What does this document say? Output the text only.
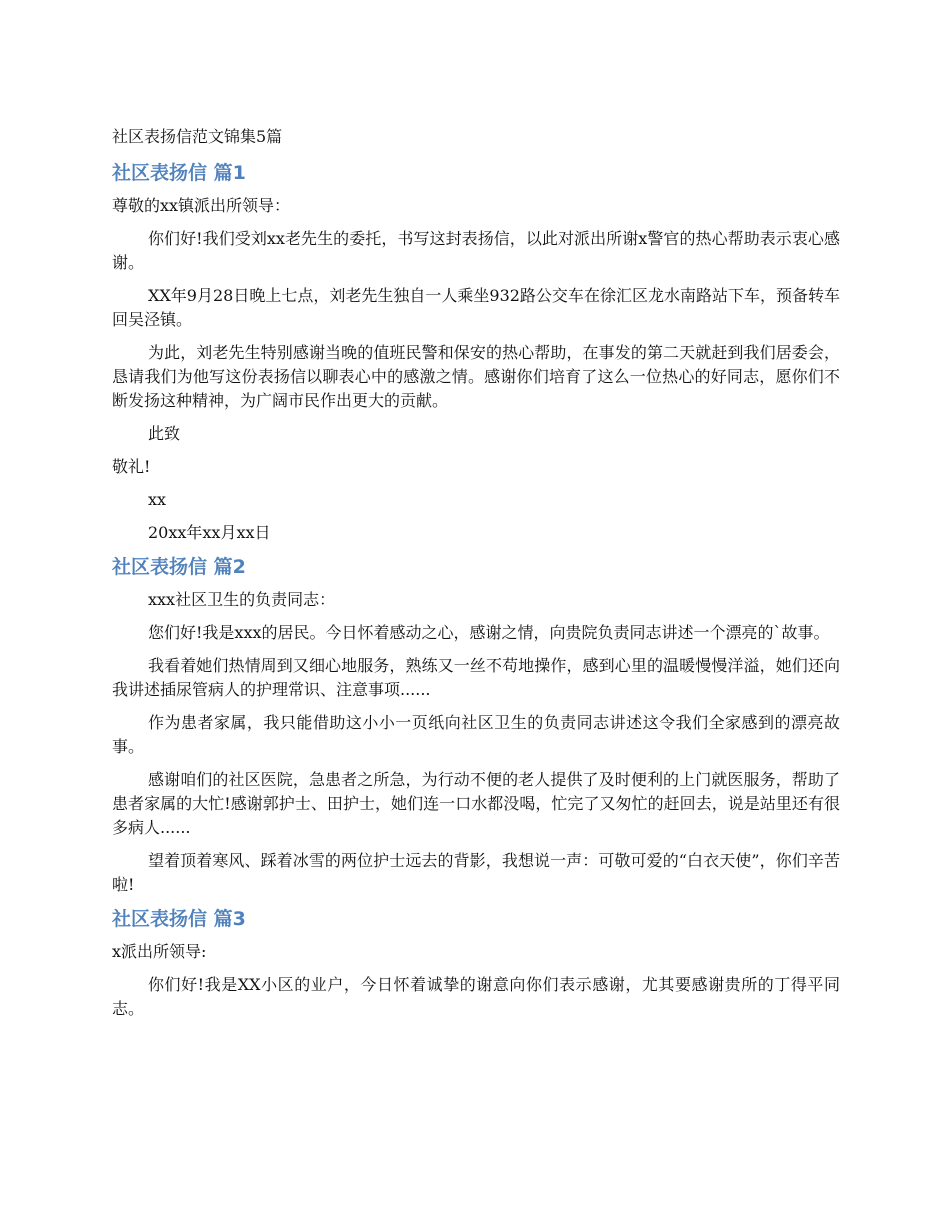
社区表扬信范文锦集5篇
社区表扬信 篇1
尊敬的xx镇派出所领导：
你们好!我们受刘xx老先生的委托，书写这封表扬信，以此对派出所谢x警官的热心帮助表示衷心感谢。
XX年9月28日晚上七点，刘老先生独自一人乘坐932路公交车在徐汇区龙水南路站下车，预备转车回吴泾镇。
为此，刘老先生特别感谢当晚的值班民警和保安的热心帮助，在事发的第二天就赶到我们居委会，恳请我们为他写这份表扬信以聊表心中的感激之情。感谢你们培育了这么一位热心的好同志，愿你们不断发扬这种精神，为广阔市民作出更大的贡献。
此致
敬礼!
xx
20xx年xx月xx日
社区表扬信 篇2
xxx社区卫生的负责同志：
您们好!我是xxx的居民。今日怀着感动之心，感谢之情，向贵院负责同志讲述一个漂亮的`故事。
我看着她们热情周到又细心地服务，熟练又一丝不苟地操作，感到心里的温暖慢慢洋溢，她们还向我讲述插尿管病人的护理常识、注意事项......
作为患者家属，我只能借助这小小一页纸向社区卫生的负责同志讲述这令我们全家感到的漂亮故事。
感谢咱们的社区医院，急患者之所急，为行动不便的老人提供了及时便利的上门就医服务，帮助了患者家属的大忙!感谢郭护士、田护士，她们连一口水都没喝，忙完了又匆忙的赶回去，说是站里还有很多病人......
望着顶着寒风、踩着冰雪的两位护士远去的背影，我想说一声：可敬可爱的“白衣天使”，你们辛苦啦!
社区表扬信 篇3
x派出所领导:
你们好!我是XX小区的业户，今日怀着诚挚的谢意向你们表示感谢，尤其要感谢贵所的丁得平同志。
